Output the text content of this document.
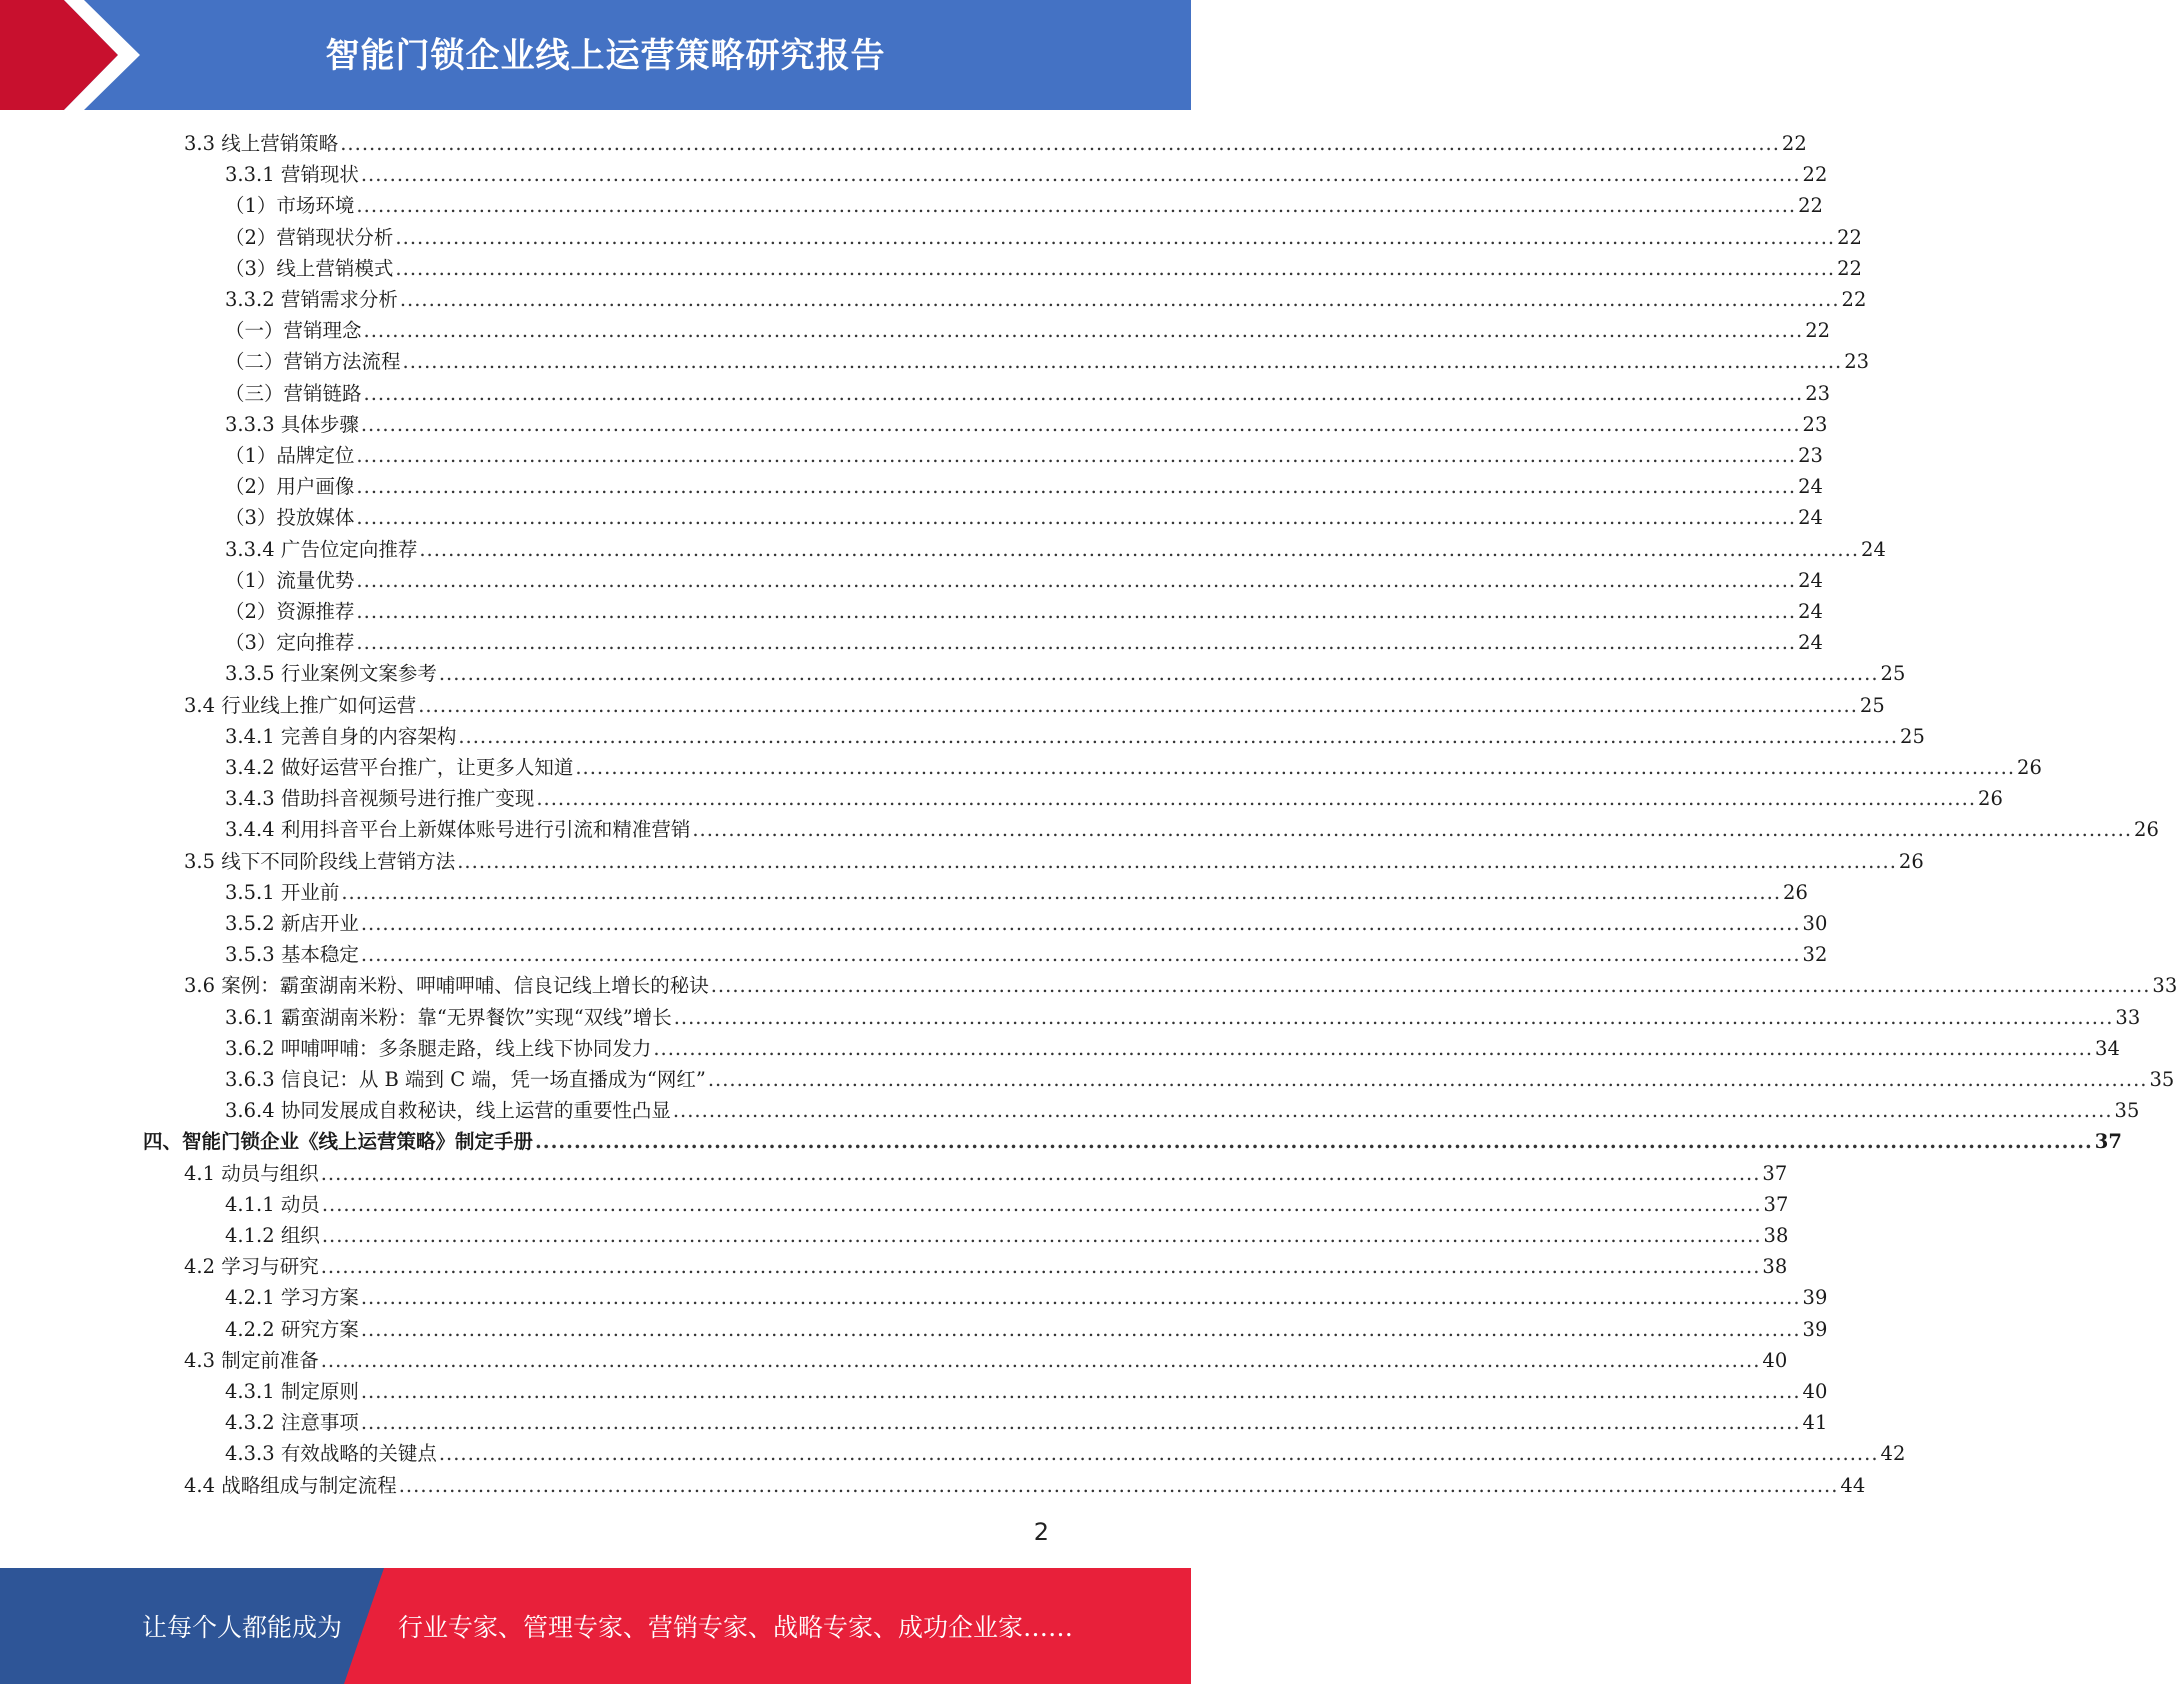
智能门锁企业线上运营策略研究报告
3.3 线上营销策略 ........................................................................................................................................................................................................ 22
3.3.1 营销现状 ........................................................................................................................................................................................................ 22
（1）市场环境 ........................................................................................................................................................................................................ 22
（2）营销现状分析 ........................................................................................................................................................................................................ 22
（3）线上营销模式 ........................................................................................................................................................................................................ 22
3.3.2 营销需求分析 ........................................................................................................................................................................................................ 22
（一）营销理念 ........................................................................................................................................................................................................ 22
（二）营销方法流程 ........................................................................................................................................................................................................ 23
（三）营销链路 ........................................................................................................................................................................................................ 23
3.3.3 具体步骤 ........................................................................................................................................................................................................ 23
（1）品牌定位 ........................................................................................................................................................................................................ 23
（2）用户画像 ........................................................................................................................................................................................................ 24
（3）投放媒体 ........................................................................................................................................................................................................ 24
3.3.4 广告位定向推荐 ........................................................................................................................................................................................................ 24
（1）流量优势 ........................................................................................................................................................................................................ 24
（2）资源推荐 ........................................................................................................................................................................................................ 24
（3）定向推荐 ........................................................................................................................................................................................................ 24
3.3.5 行业案例文案参考 ........................................................................................................................................................................................................ 25
3.4 行业线上推广如何运营 ........................................................................................................................................................................................................ 25
3.4.1 完善自身的内容架构 ........................................................................................................................................................................................................ 25
3.4.2 做好运营平台推广，让更多人知道 ........................................................................................................................................................................................................ 26
3.4.3 借助抖音视频号进行推广变现 ........................................................................................................................................................................................................ 26
3.4.4 利用抖音平台上新媒体账号进行引流和精准营销 ........................................................................................................................................................................................................ 26
3.5 线下不同阶段线上营销方法 ........................................................................................................................................................................................................ 26
3.5.1 开业前 ........................................................................................................................................................................................................ 26
3.5.2 新店开业 ........................................................................................................................................................................................................ 30
3.5.3 基本稳定 ........................................................................................................................................................................................................ 32
3.6 案例：霸蛮湖南米粉、呷哺呷哺、信良记线上增长的秘诀 ........................................................................................................................................................................................................ 33
3.6.1 霸蛮湖南米粉：靠“无界餐饮”实现“双线”增长 ........................................................................................................................................................................................................ 33
3.6.2 呷哺呷哺：多条腿走路，线上线下协同发力 ........................................................................................................................................................................................................ 34
3.6.3 信良记：从 B 端到 C 端，凭一场直播成为“网红” ........................................................................................................................................................................................................ 35
3.6.4 协同发展成自救秘诀，线上运营的重要性凸显 ........................................................................................................................................................................................................ 35
四、智能门锁企业《线上运营策略》制定手册 ........................................................................................................................................................................................................ 37
4.1 动员与组织 ........................................................................................................................................................................................................ 37
4.1.1 动员 ........................................................................................................................................................................................................ 37
4.1.2 组织 ........................................................................................................................................................................................................ 38
4.2 学习与研究 ........................................................................................................................................................................................................ 38
4.2.1 学习方案 ........................................................................................................................................................................................................ 39
4.2.2 研究方案 ........................................................................................................................................................................................................ 39
4.3 制定前准备 ........................................................................................................................................................................................................ 40
4.3.1 制定原则 ........................................................................................................................................................................................................ 40
4.3.2 注意事项 ........................................................................................................................................................................................................ 41
4.3.3 有效战略的关键点 ........................................................................................................................................................................................................ 42
4.4 战略组成与制定流程 ........................................................................................................................................................................................................ 44
2
让每个人都能成为 行业专家、管理专家、营销专家、战略专家、成功企业家……
